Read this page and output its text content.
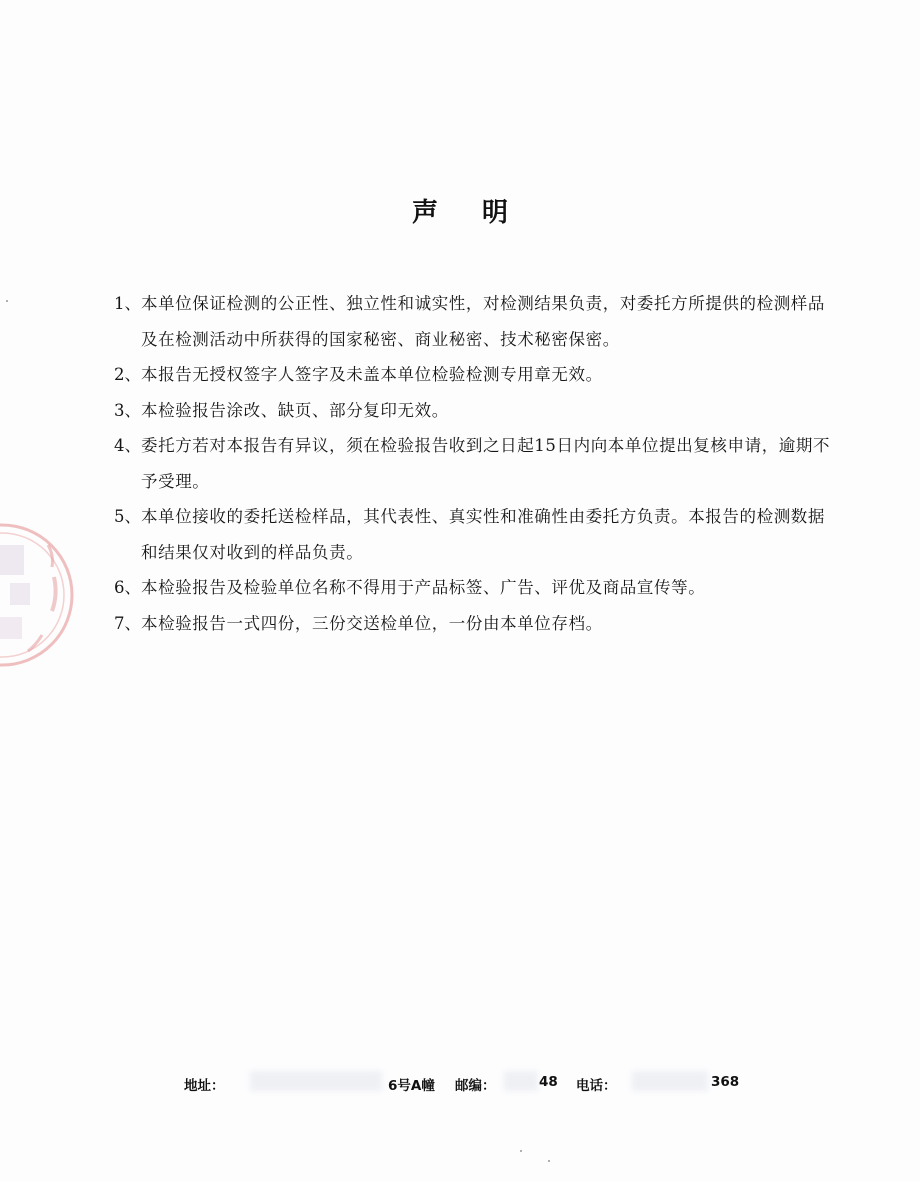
声明
1、 本单位保证检测的公正性、独立性和诚实性，对检测结果负责，对委托方所提供的检测样品及在检测活动中所获得的国家秘密、商业秘密、技术秘密保密。
2、 本报告无授权签字人签字及未盖本单位检验检测专用章无效。
3、 本检验报告涂改、缺页、部分复印无效。
4、 委托方若对本报告有异议，须在检验报告收到之日起15日内向本单位提出复核申请，逾期不予受理。
5、 本单位接收的委托送检样品，其代表性、真实性和准确性由委托方负责。本报告的检测数据和结果仅对收到的样品负责。
6、 本检验报告及检验单位名称不得用于产品标签、广告、评优及商品宣传等。
7、 本检验报告一式四份，三份交送检单位，一份由本单位存档。
地址：	6号A幢 邮编：	48 电话：	368
